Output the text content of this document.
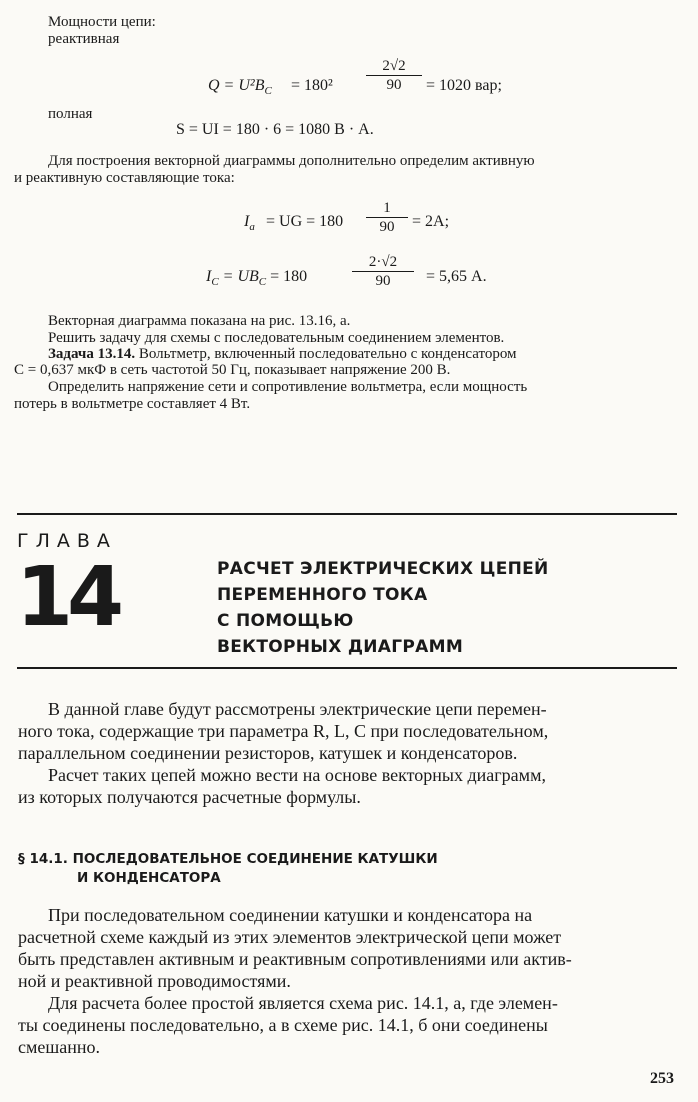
Мощности цепи:
реактивная
$Q = U^2B_C = 180^2$
2√2
90	= 1020 вар;
полная
S = UI = 180 · 6 = 1080 В · А.
Для построения векторной диаграммы дополнительно определим активную
и реактивную составляющие тока:
$I_а$ = UG = 180
1
90	= 2А;
$I_C = UB_C = 180$
2·√2
90	= 5,65 А.
Векторная диаграмма показана на рис. 13.16, а.
Решить задачу для схемы с последовательным соединением элементов.
Задача 13.14. Вольтметр, включенный последовательно с конденсатором
C = 0,637 мкФ в сеть частотой 50 Гц, показывает напряжение 200 В.
Определить напряжение сети и сопротивление вольтметра, если мощность
потерь в вольтметре составляет 4 Вт.
ГЛАВА
14	РАСЧЕТ ЭЛЕКТРИЧЕСКИХ ЦЕПЕЙ
ПЕРЕМЕННОГО ТОКА
С ПОМОЩЬЮ
ВЕКТОРНЫХ ДИАГРАММ
В данной главе будут рассмотрены электрические цепи перемен-
ного тока, содержащие три параметра R, L, C при последовательном,
параллельном соединении резисторов, катушек и конденсаторов.
Расчет таких цепей можно вести на основе векторных диаграмм,
из которых получаются расчетные формулы.
§ 14.1. ПОСЛЕДОВАТЕЛЬНОЕ СОЕДИНЕНИЕ КАТУШКИ
И КОНДЕНСАТОРА
При последовательном соединении катушки и конденсатора на
расчетной схеме каждый из этих элементов электрической цепи может
быть представлен активным и реактивным сопротивлениями или актив-
ной и реактивной проводимостями.
Для расчета более простой является схема рис. 14.1, а, где элемен-
ты соединены последовательно, а в схеме рис. 14.1, б они соединены
смешанно.
253
